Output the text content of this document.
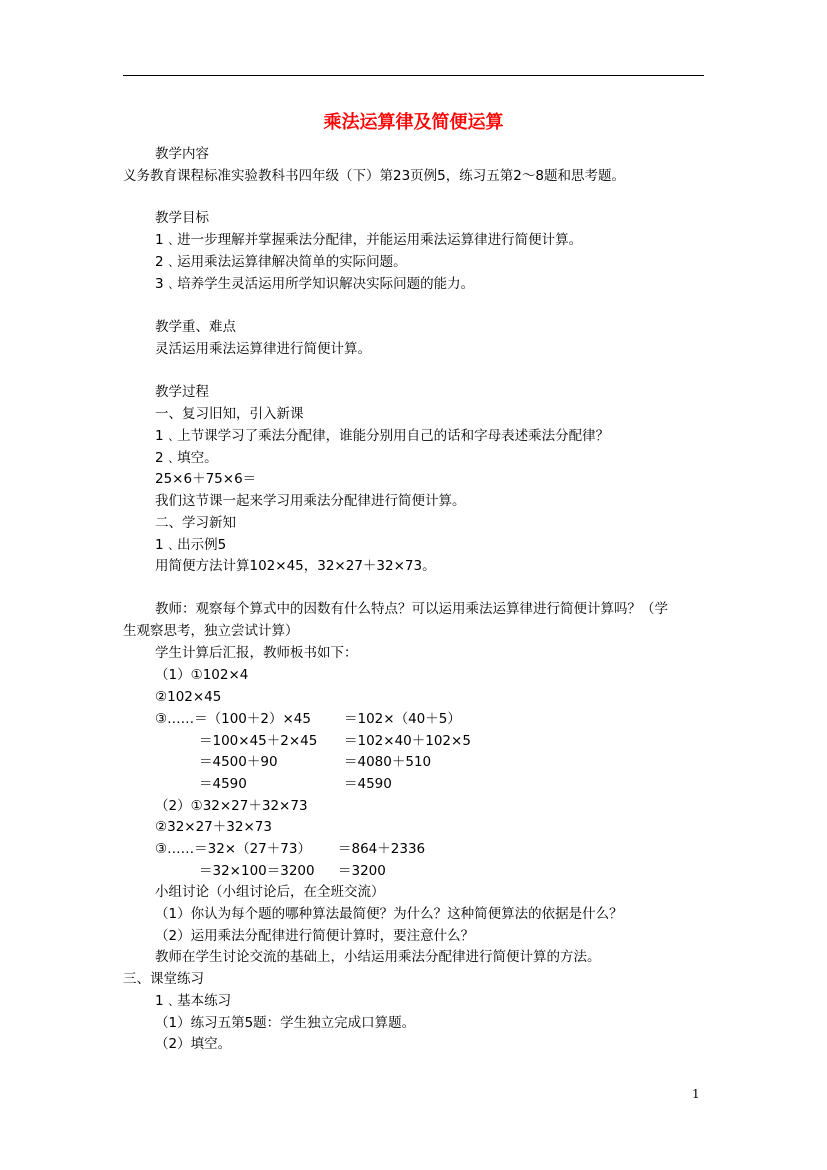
乘法运算律及简便运算
教学内容
义务教育课程标准实验教科书四年级（下）第23页例5，练习五第2～8题和思考题。
教学目标
1﹑进一步理解并掌握乘法分配律，并能运用乘法运算律进行简便计算。
2﹑运用乘法运算律解决简单的实际问题。
3﹑培养学生灵活运用所学知识解决实际问题的能力。
教学重、难点
灵活运用乘法运算律进行简便计算。
教学过程
一、复习旧知，引入新课
1﹑上节课学习了乘法分配律，谁能分别用自己的话和字母表述乘法分配律？
2﹑填空。
25×6＋75×6＝
我们这节课一起来学习用乘法分配律进行简便计算。
二、学习新知
1﹑出示例5
用简便方法计算102×45，32×27＋32×73。
教师：观察每个算式中的因数有什么特点？可以运用乘法运算律进行简便计算吗？（学
生观察思考，独立尝试计算）
学生计算后汇报，教师板书如下：
（1）①102×4
②102×45
③……＝（100＋2）×45 ＝102×（40＋5）
＝100×45＋2×45 ＝102×40＋102×5
＝4500＋90	＝4080＋510
＝4590	＝4590
（2）①32×27＋32×73
②32×27＋32×73
③……＝32×（27＋73） ＝864＋2336
＝32×100＝3200 ＝3200
小组讨论（小组讨论后，在全班交流）
（1）你认为每个题的哪种算法最简便？为什么？这种简便算法的依据是什么？
（2）运用乘法分配律进行简便计算时，要注意什么？
教师在学生讨论交流的基础上，小结运用乘法分配律进行简便计算的方法。
三、课堂练习
1﹑基本练习
（1）练习五第5题：学生独立完成口算题。
（2）填空。
1
